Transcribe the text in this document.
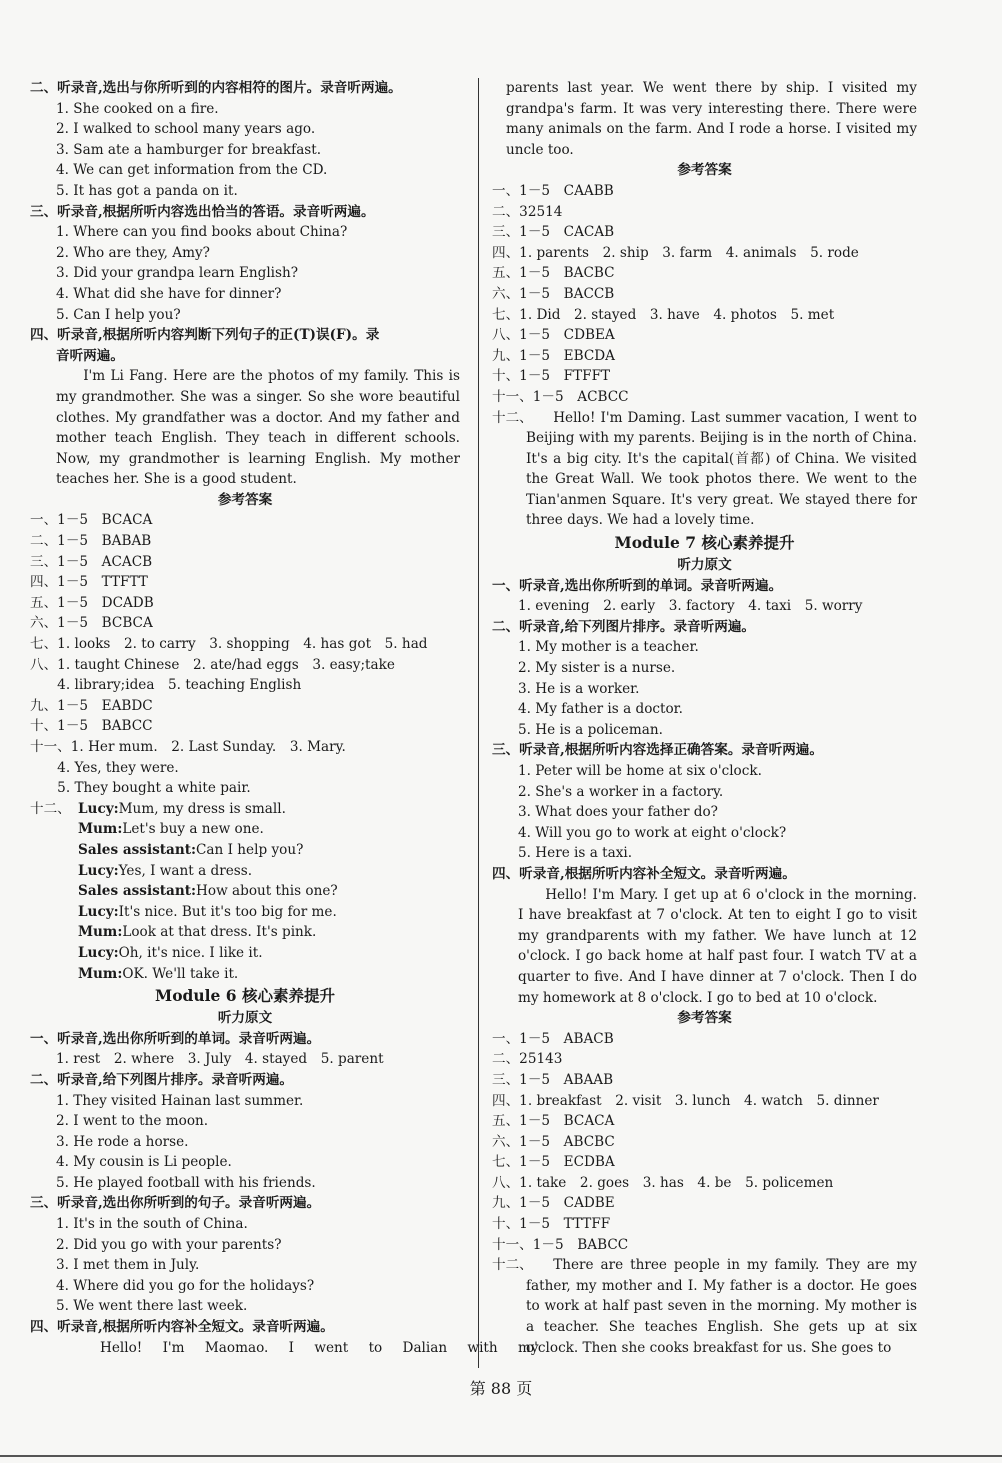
二、听录音,选出与你所听到的内容相符的图片。录音听两遍。
1. She cooked on a fire.
2. I walked to school many years ago.
3. Sam ate a hamburger for breakfast.
4. We can get information from the CD.
5. It has got a panda on it.
三、听录音,根据所听内容选出恰当的答语。录音听两遍。
1. Where can you find books about China?
2. Who are they, Amy?
3. Did your grandpa learn English?
4. What did she have for dinner?
5. Can I help you?
四、听录音,根据所听内容判断下列句子的正(T)误(F)。录
音听两遍。
I'm Li Fang. Here are the photos of my family. This is my grandmother. She was a singer. So she wore beautiful clothes. My grandfather was a doctor. And my father and mother teach English. They teach in different schools. Now, my grandmother is learning English. My mother teaches her. She is a good student.
参考答案
一、1－5　BCACA
二、1－5　BABAB
三、1－5　ACACB
四、1－5　TTFTT
五、1－5　DCADB
六、1－5　BCBCA
七、1. looks　2. to carry　3. shopping　4. has got　5. had
八、1. taught Chinese　2. ate/had eggs　3. easy;take
　　4. library;idea　5. teaching English
九、1－5　EABDC
十、1－5　BABCC
十一、1. Her mum.　2. Last Sunday.　3. Mary.
　　4. Yes, they were.
　　5. They bought a white pair.
十二、 Lucy:Mum, my dress is small.
Mum:Let's buy a new one.
Sales assistant:Can I help you?
Lucy:Yes, I want a dress.
Sales assistant:How about this one?
Lucy:It's nice. But it's too big for me.
Mum:Look at that dress. It's pink.
Lucy:Oh, it's nice. I like it.
Mum:OK. We'll take it.
Module 6 核心素养提升
听力原文
一、听录音,选出你所听到的单词。录音听两遍。
1. rest　2. where　3. July　4. stayed　5. parent
二、听录音,给下列图片排序。录音听两遍。
1. They visited Hainan last summer.
2. I went to the moon.
3. He rode a horse.
4. My cousin is Li people.
5. He played football with his friends.
三、听录音,选出你所听到的句子。录音听两遍。
1. It's in the south of China.
2. Did you go with your parents?
3. I met them in July.
4. Where did you go for the holidays?
5. We went there last week.
四、听录音,根据所听内容补全短文。录音听两遍。
Hello! I'm Maomao. I went to Dalian with my
parents last year. We went there by ship. I visited my grandpa's farm. It was very interesting there. There were many animals on the farm. And I rode a horse. I visited my uncle too.
参考答案
一、1－5　CAABB
二、32514
三、1－5　CACAB
四、1. parents　2. ship　3. farm　4. animals　5. rode
五、1－5　BACBC
六、1－5　BACCB
七、1. Did　2. stayed　3. have　4. photos　5. met
八、1－5　CDBEA
九、1－5　EBCDA
十、1－5　FTFFT
十一、1－5　ACBCC
十二、	Hello! I'm Daming. Last summer vacation, I went to Beijing with my parents. Beijing is in the north of China. It's a big city. It's the capital(首都) of China. We visited the Great Wall. We took photos there. We went to the Tian'anmen Square. It's very great. We stayed there for three days. We had a lovely time.
Module 7 核心素养提升
听力原文
一、听录音,选出你所听到的单词。录音听两遍。
1. evening　2. early　3. factory　4. taxi　5. worry
二、听录音,给下列图片排序。录音听两遍。
1. My mother is a teacher.
2. My sister is a nurse.
3. He is a worker.
4. My father is a doctor.
5. He is a policeman.
三、听录音,根据所听内容选择正确答案。录音听两遍。
1. Peter will be home at six o'clock.
2. She's a worker in a factory.
3. What does your father do?
4. Will you go to work at eight o'clock?
5. Here is a taxi.
四、听录音,根据所听内容补全短文。录音听两遍。
Hello! I'm Mary. I get up at 6 o'clock in the morning. I have breakfast at 7 o'clock. At ten to eight I go to visit my grandparents with my father. We have lunch at 12 o'clock. I go back home at half past four. I watch TV at a quarter to five. And I have dinner at 7 o'clock. Then I do my homework at 8 o'clock. I go to bed at 10 o'clock.
参考答案
一、1－5　ABACB
二、25143
三、1－5　ABAAB
四、1. breakfast　2. visit　3. lunch　4. watch　5. dinner
五、1－5　BCACA
六、1－5　ABCBC
七、1－5　ECDBA
八、1. take　2. goes　3. has　4. be　5. policemen
九、1－5　CADBE
十、1－5　TTTFF
十一、1－5　BABCC
十二、	There are three people in my family. They are my father, my mother and I. My father is a doctor. He goes to work at half past seven in the morning. My mother is a teacher. She teaches English. She gets up at six o'clock. Then she cooks breakfast for us. She goes to
第 88 页
